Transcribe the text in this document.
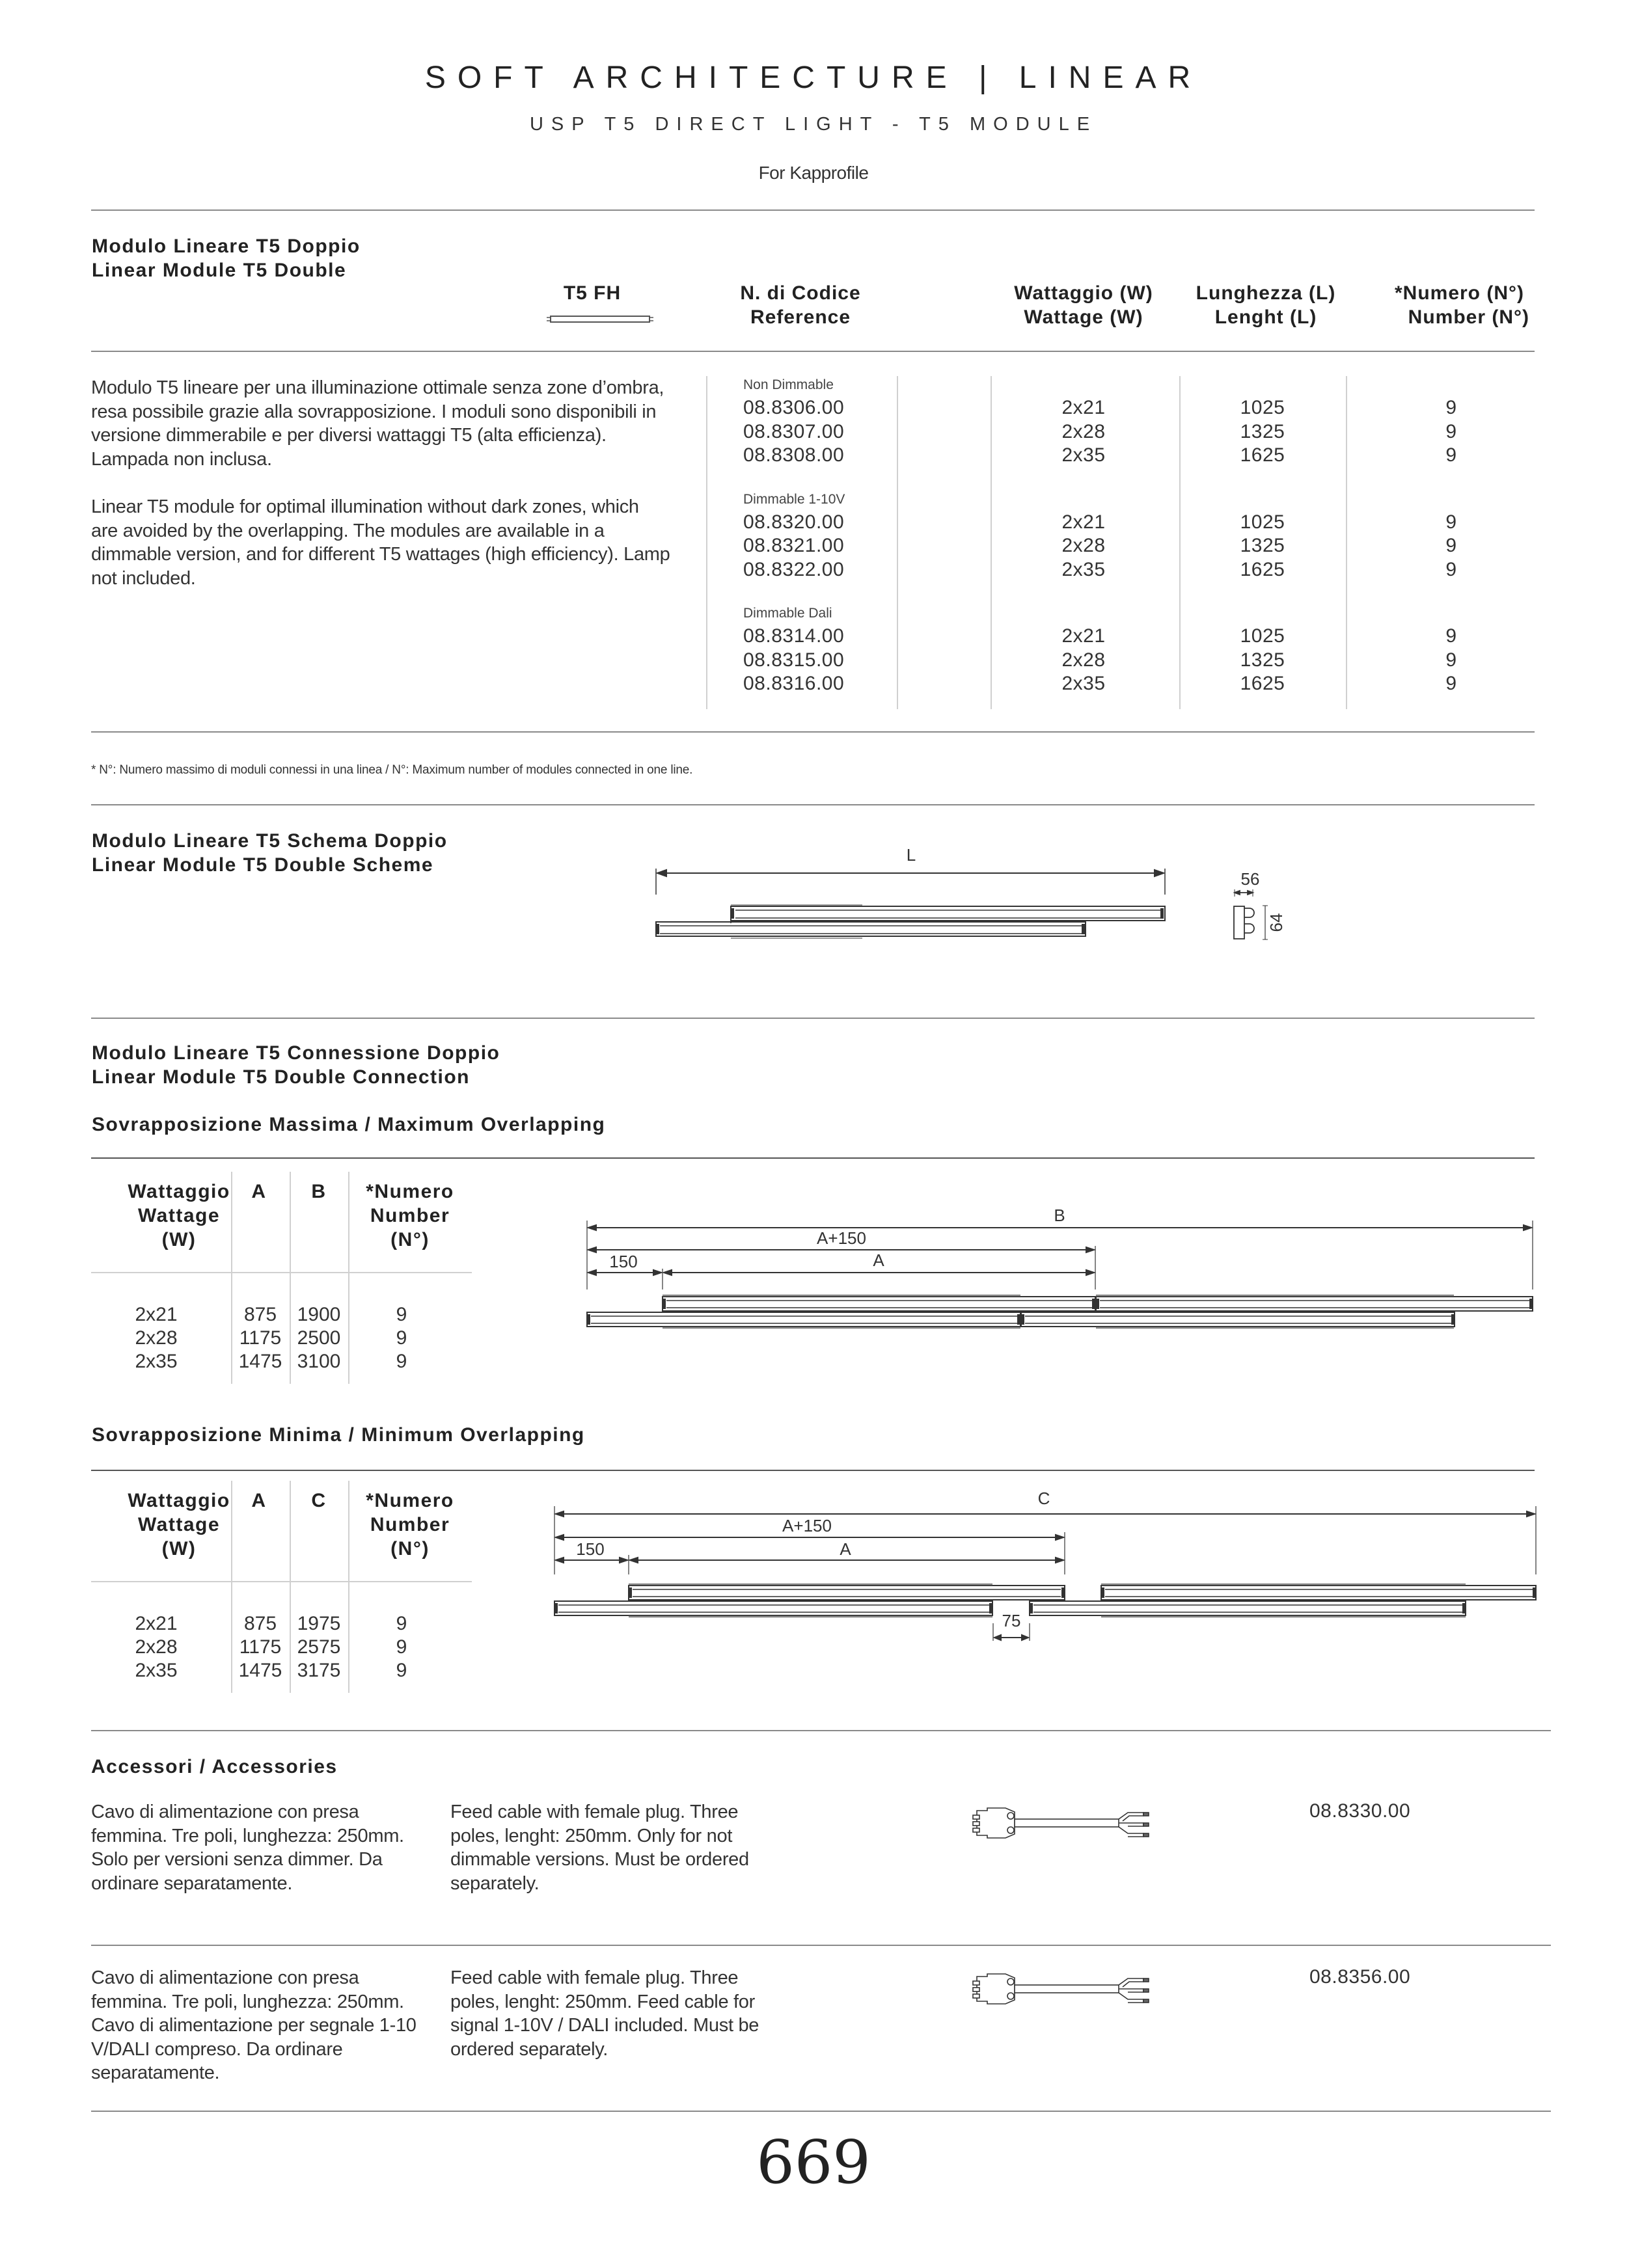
SOFT ARCHITECTURE | LINEAR
USP T5 DIRECT LIGHT - T5 MODULE
For Kapprofile
Modulo Lineare T5 Doppio
Linear Module T5 Double
T5 FH	N. di Codice
Reference
Wattaggio (W)
Wattage (W)
Lunghezza (L)
Lenght (L)
*Numero (N°)
Number (N°)
Modulo T5 lineare per una illuminazione ottimale senza zone d’ombra, resa possibile grazie alla sovrapposizione. I moduli sono disponibili in versione dimmerabile e per diversi wattaggi T5 (alta efficienza). Lampada non inclusa.
Linear T5 module for optimal illumination without dark zones, which are avoided by the overlapping. The modules are available in a dimmable version, and for different T5 wattages (high efficiency). Lamp not included.
Non Dimmable
08.8306.00	2x21	1025	9
08.8307.00	2x28	1325	9
08.8308.00	2x35	1625	9
Dimmable 1-10V
08.8320.00	2x21	1025	9
08.8321.00	2x28	1325	9
08.8322.00	2x35	1625	9
Dimmable Dali
08.8314.00	2x21	1025	9
08.8315.00	2x28	1325	9
08.8316.00	2x35	1625	9
* N°: Numero massimo di moduli connessi in una linea / N°: Maximum number of modules connected in one line.
Modulo Lineare T5 Schema Doppio
Linear Module T5 Double Scheme	L
56
64
Modulo Lineare T5 Connessione Doppio
Linear Module T5 Double Connection
Sovrapposizione Massima / Maximum Overlapping
Wattaggio
Wattage
(W)
A	B	*Numero
Number
(N°)
2x21	875	1900	9
2x28	1175 2500	9
2x35	1475 3100	9
B
A+150
150	A
Sovrapposizione Minima / Minimum Overlapping
Wattaggio
Wattage
(W)
A	C	*Numero
Number
(N°)
2x21	875	1975	9
2x28	1175 2575	9
2x35	1475 3175	9
C
A+150
150	A
75
Accessori / Accessories
Cavo di alimentazione con presa femmina. Tre poli, lunghezza: 250mm. Solo per versioni senza dimmer. Da ordinare separatamente.
Feed cable with female plug. Three poles, lenght: 250mm. Only for not dimmable versions. Must be ordered separately.
08.8330.00
Cavo di alimentazione con presa femmina. Tre poli, lunghezza: 250mm. Cavo di alimentazione per segnale 1-10 V/DALI compreso. Da ordinare separatamente.
Feed cable with female plug. Three poles, lenght: 250mm. Feed cable for signal 1-10V / DALI included. Must be ordered separately.
08.8356.00
669
